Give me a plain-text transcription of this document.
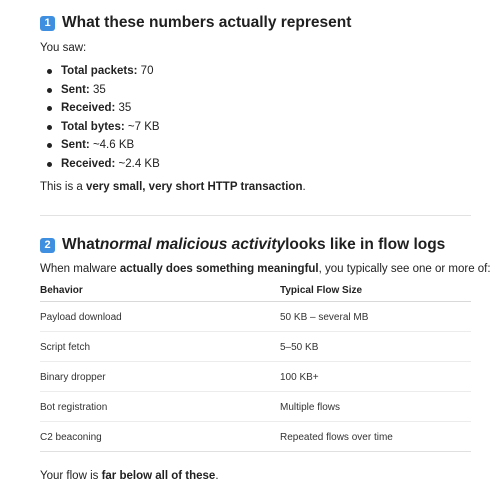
1 What these numbers actually represent
You saw:
Total packets: 70
Sent: 35
Received: 35
Total bytes: ~7 KB
Sent: ~4.6 KB
Received: ~2.4 KB
This is a very small, very short HTTP transaction.
2 What normal malicious activity looks like in flow logs
When malware actually does something meaningful, you typically see one or more of:
Behavior	Typical Flow Size
Payload download	50 KB – several MB
Script fetch	5–50 KB
Binary dropper	100 KB+
Bot registration	Multiple flows
C2 beaconing	Repeated flows over time
Your flow is far below all of these.
